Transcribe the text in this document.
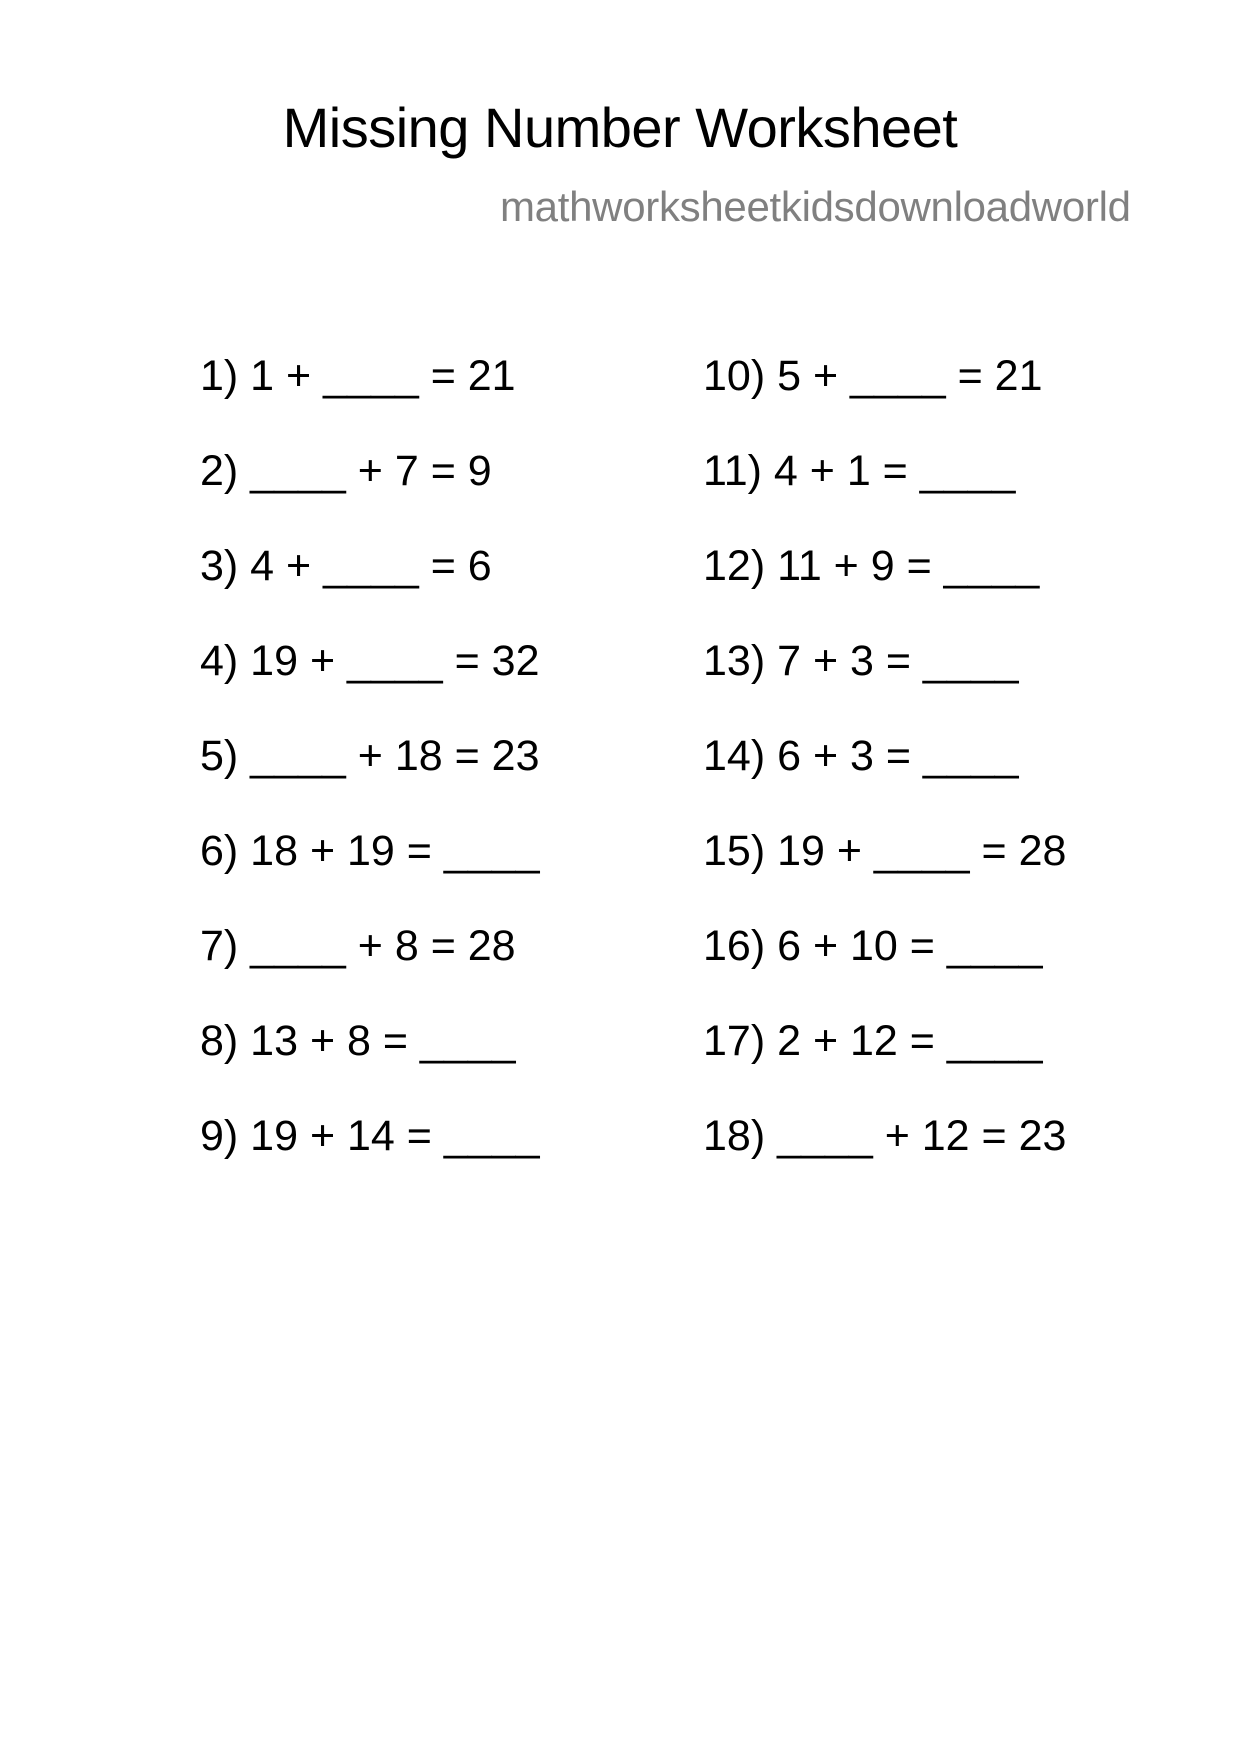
Missing Number Worksheet
mathworksheetkidsdownloadworld
1) 1 + ____ = 21
2) ____ + 7 = 9
3) 4 + ____ = 6
4) 19 + ____ = 32
5) ____ + 18 = 23
6) 18 + 19 = ____
7) ____ + 8 = 28
8) 13 + 8 = ____
9) 19 + 14 = ____
10) 5 + ____ = 21
11) 4 + 1 = ____
12) 11 + 9 = ____
13) 7 + 3 = ____
14) 6 + 3 = ____
15) 19 + ____ = 28
16) 6 + 10 = ____
17) 2 + 12 = ____
18) ____ + 12 = 23
